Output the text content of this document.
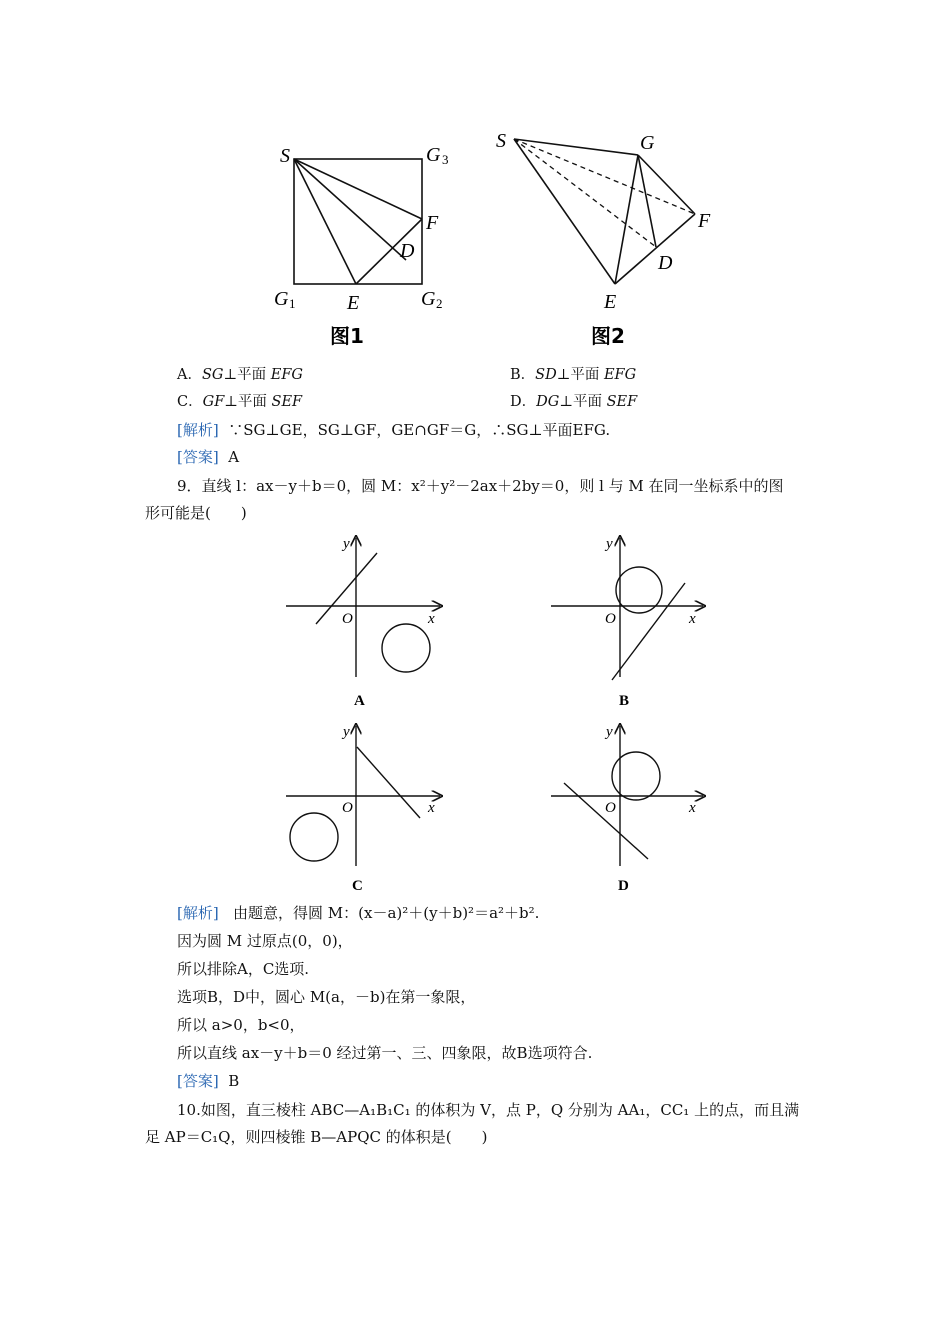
S	G 3
F
D
G 1	E	G 2
图1
S	G
F
D
E
图2
A．SG⊥平面 EFG	B．SD⊥平面 EFG
C．GF⊥平面 SEF	D．DG⊥平面 SEF
[解析] ∵SG⊥GE，SG⊥GF，GE∩GF＝G，∴SG⊥平面EFG.
[答案] A
9．直线 l：ax－y＋b＝0，圆 M：x²＋y²－2ax＋2by＝0，则 l 与 M 在同一坐标系中的图
形可能是(　　)
O	x
y
A
O	x
y
B
O	x
y
C
O	x
y
D
[解析] 由题意，得圆 M：(x－a)²＋(y＋b)²＝a²＋b².
因为圆 M 过原点(0，0)，
所以排除A，C选项.
选项B，D中，圆心 M(a，－b)在第一象限，
所以 a>0，b<0，
所以直线 ax－y＋b＝0 经过第一、三、四象限，故B选项符合.
[答案] B
10.如图，直三棱柱 ABC—A₁B₁C₁ 的体积为 V，点 P，Q 分别为 AA₁，CC₁ 上的点，而且满
足 AP＝C₁Q，则四棱锥 B—APQC 的体积是(　　)
